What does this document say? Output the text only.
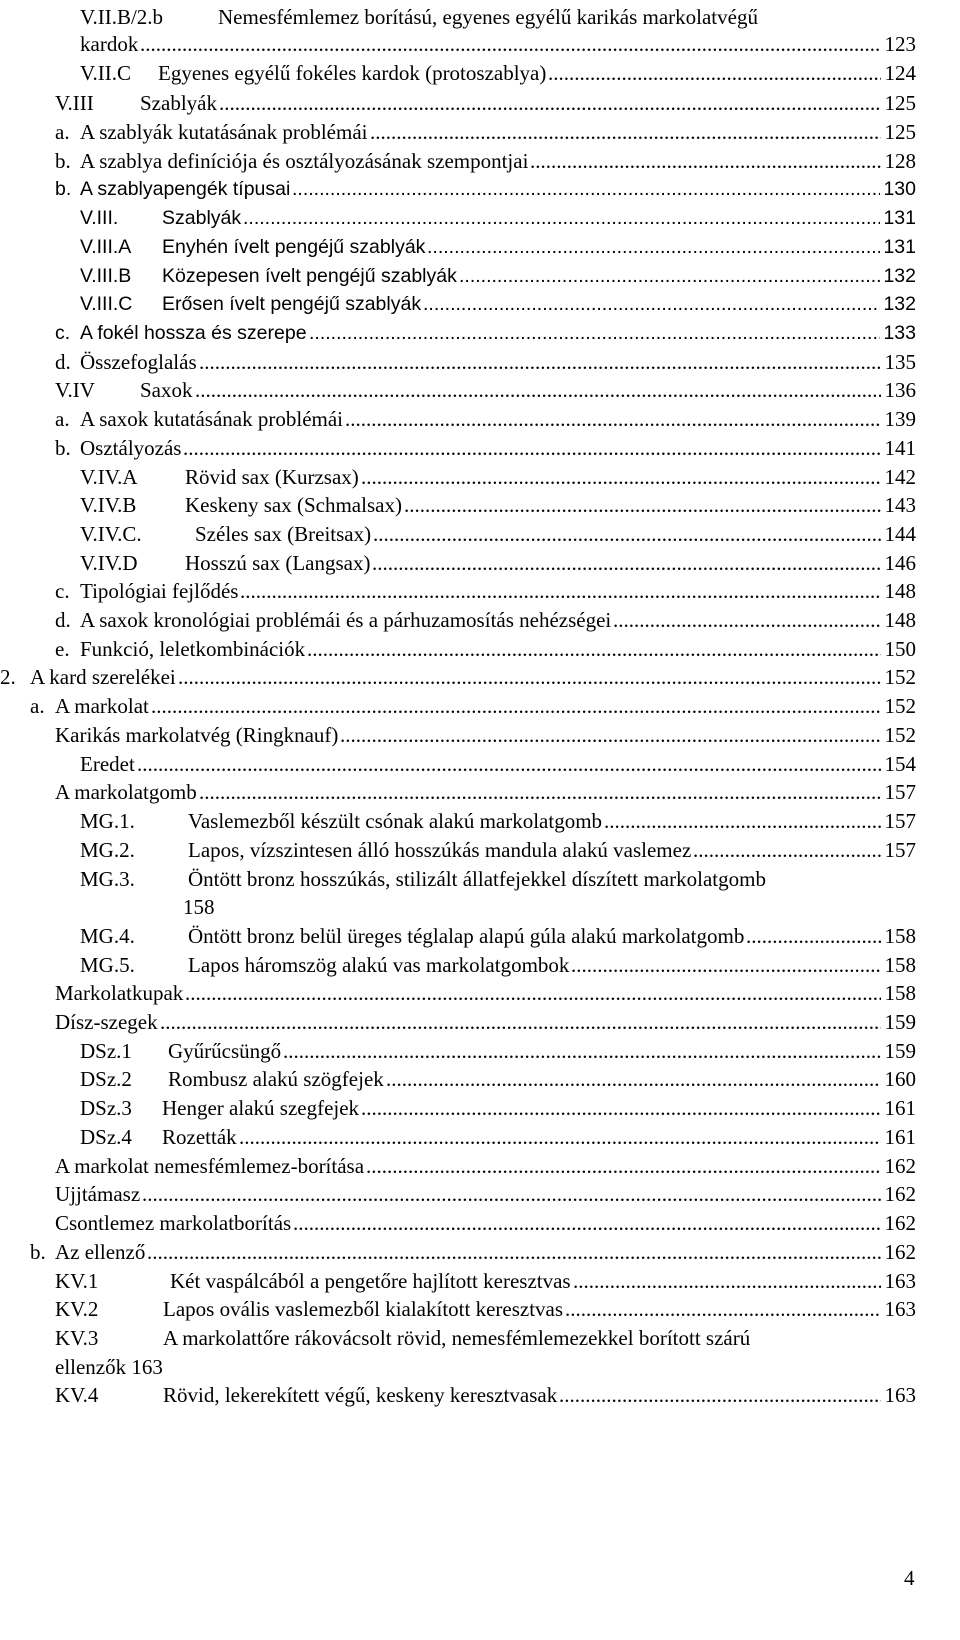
V.II.B/2.b	Nemesfémlemez borítású, egyenes egyélű karikás markolatvégű
kardok	123
.....
V.II.C Egyenes egyélű fokéles kardok (protoszablya)	124
.....
V.III Szablyák	125
.....
a. A szablyák kutatásának problémái	125
.....
b. A szablya definíciója és osztályozásának szempontjai	128
.....
b. A szablyapengék típusai	130
.....
V.III. Szablyák	131
.....
V.III.A Enyhén ívelt pengéjű szablyák	131
.....
V.III.B Közepesen ívelt pengéjű szablyák	132
.....
V.III.C Erősen ívelt pengéjű szablyák	132
.....
c. A fokél hossza és szerepe	133
.....
d. Összefoglalás	135
.....
V.IV Saxok	136
.....
a. A saxok kutatásának problémái	139
.....
b. Osztályozás	141
.....
V.IV.A Rövid sax (Kurzsax)	142
.....
V.IV.B Keskeny sax (Schmalsax)	143
.....
V.IV.C.	Széles sax (Breitsax)	144
.....
V.IV.D Hosszú sax (Langsax)	146
.....
c. Tipológiai fejlődés	148
.....
d. A saxok kronológiai problémái és a párhuzamosítás nehézségei	148
.....
e. Funkció, leletkombinációk	150
.....
2. A kard szerelékei	152
.....
a. A markolat	152
.....
Karikás markolatvég (Ringknauf)	152
.....
Eredet	154
.....
A markolatgomb	157
.....
MG.1.	Vaslemezből készült csónak alakú markolatgomb	157
.....
MG.2.	Lapos, vízszintesen álló hosszúkás mandula alakú vaslemez	157
.....
MG.3.	Öntött bronz hosszúkás, stilizált állatfejekkel díszített markolatgomb
158
MG.4.	Öntött bronz belül üreges téglalap alapú gúla alakú markolatgomb	158
.....
MG.5.	Lapos háromszög alakú vas markolatgombok	158
.....
Markolatkupak	158
.....
Dísz-szegek	159
.....
DSz.1 Gyűrűcsüngő	159
.....
DSz.2 Rombusz alakú szögfejek	160
.....
DSz.3 Henger alakú szegfejek	161
.....
DSz.4 Rozetták	161
.....
A markolat nemesfémlemez-borítása	162
.....
Ujjtámasz	162
.....
Csontlemez markolatborítás	162
.....
b. Az ellenző	162
.....
KV.1	Két vaspálcából a pengetőre hajlított keresztvas	163
.....
KV.2	Lapos ovális vaslemezből kialakított keresztvas	163
.....
KV.3	A markolattőre rákovácsolt rövid, nemesfémlemezekkel borított szárú
ellenzők 163
KV.4	Rövid, lekerekített végű, keskeny keresztvasak	163
.....
4
